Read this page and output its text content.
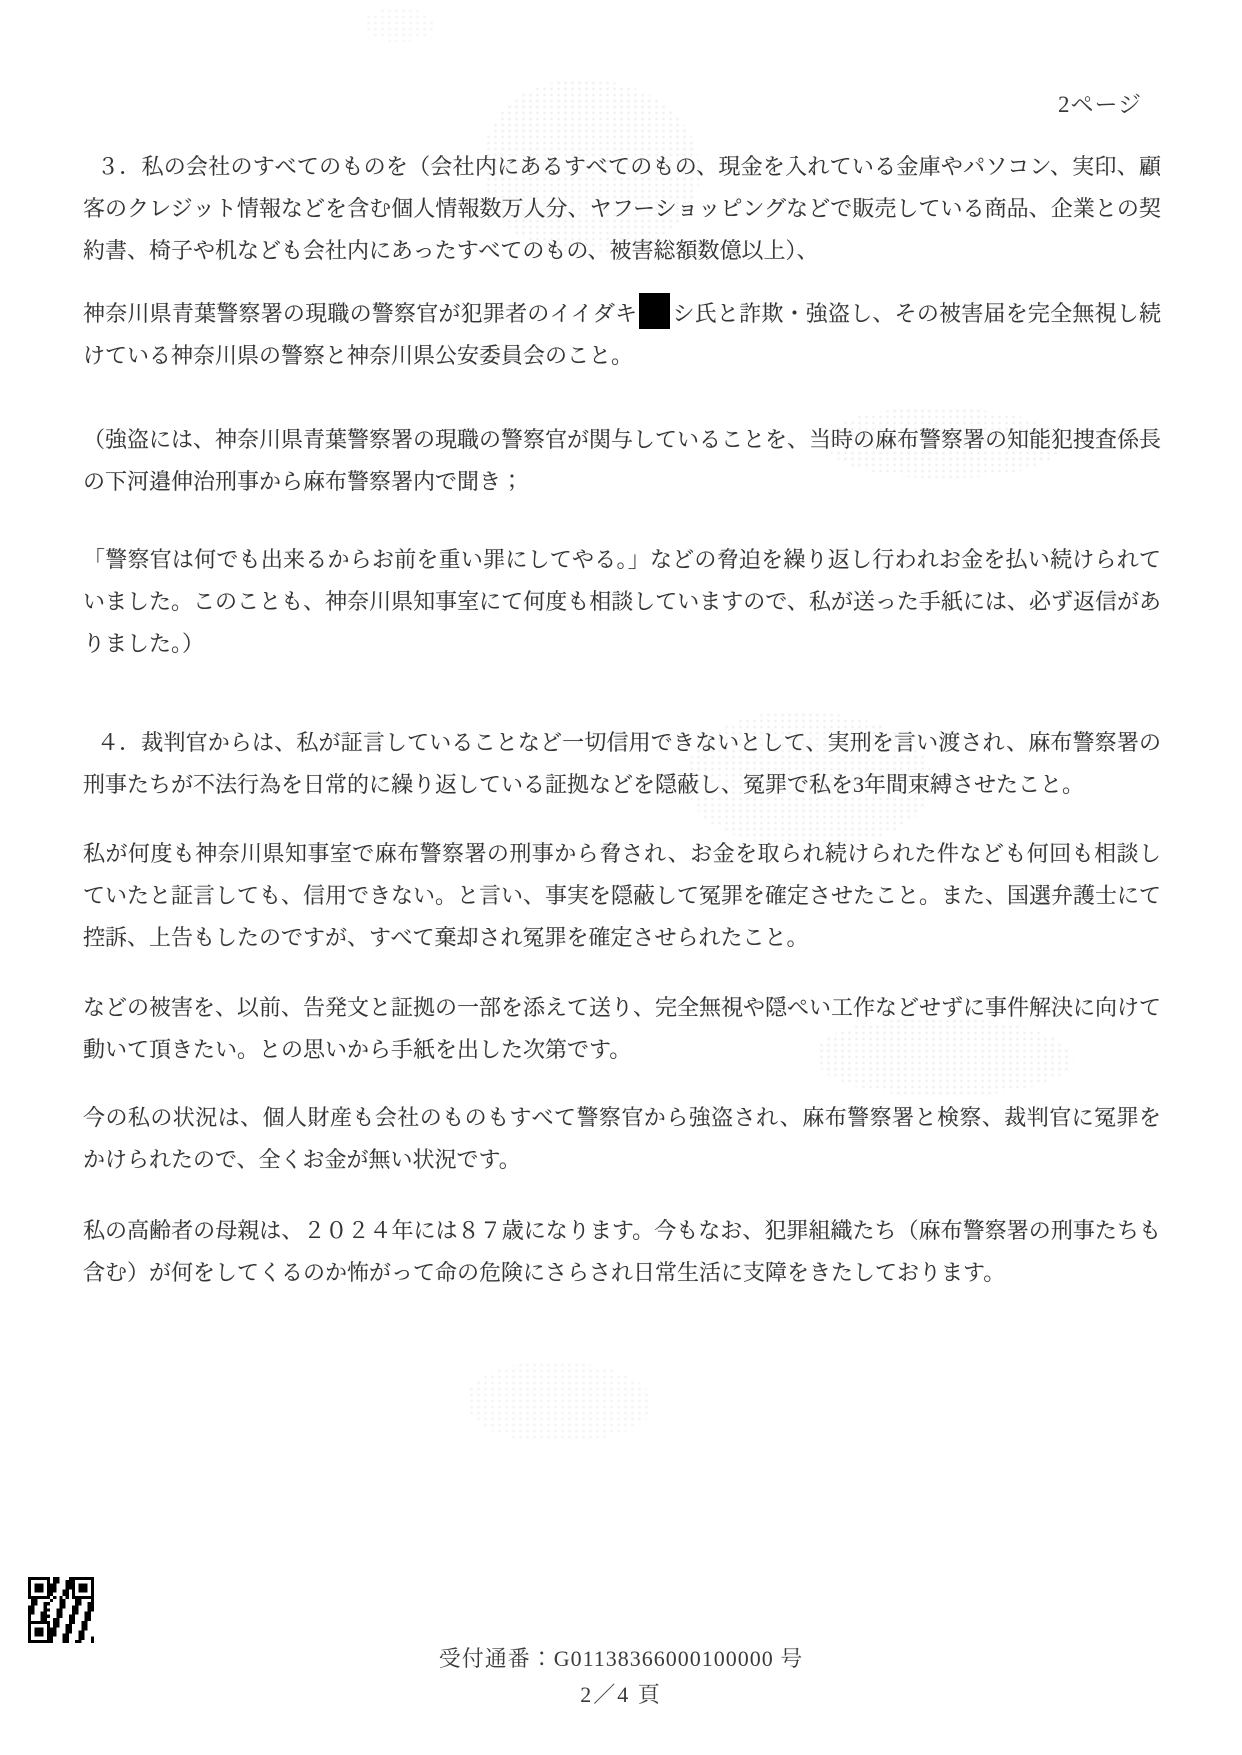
2ページ

３．私の会社のすべてのものを（会社内にあるすべてのもの、現金を入れている金庫やパソコン、実印、顧客のクレジット情報などを含む個人情報数万人分、ヤフーショッピングなどで販売している商品、企業との契約書、椅子や机なども会社内にあったすべてのもの、被害総額数億以上）、

神奈川県青葉警察署の現職の警察官が犯罪者のイイダキ シ氏と詐欺・強盗し、その被害届を完全無視し続けている神奈川県の警察と神奈川県公安委員会のこと。

（強盗には、神奈川県青葉警察署の現職の警察官が関与していることを、当時の麻布警察署の知能犯捜査係長の下河邉伸治刑事から麻布警察署内で聞き；

「警察官は何でも出来るからお前を重い罪にしてやる。」などの脅迫を繰り返し行われお金を払い続けられていました。このことも、神奈川県知事室にて何度も相談していますので、私が送った手紙には、必ず返信がありました。）

４．裁判官からは、私が証言していることなど一切信用できないとして、実刑を言い渡され、麻布警察署の刑事たちが不法行為を日常的に繰り返している証拠などを隠蔽し、冤罪で私を3年間束縛させたこと。

私が何度も神奈川県知事室で麻布警察署の刑事から脅され、お金を取られ続けられた件なども何回も相談していたと証言しても、信用できない。と言い、事実を隠蔽して冤罪を確定させたこと。また、国選弁護士にて控訴、上告もしたのですが、すべて棄却され冤罪を確定させられたこと。

などの被害を、以前、告発文と証拠の一部を添えて送り、完全無視や隠ぺい工作などせずに事件解決に向けて動いて頂きたい。との思いから手紙を出した次第です。

今の私の状況は、個人財産も会社のものもすべて警察官から強盗され、麻布警察署と検察、裁判官に冤罪をかけられたので、全くお金が無い状況です。

私の高齢者の母親は、２０２４年には８７歳になります。今もなお、犯罪組織たち（麻布警察署の刑事たちも含む）が何をしてくるのか怖がって命の危険にさらされ日常生活に支障をきたしております。

受付通番：G01138366000100000 号
2／4 頁
